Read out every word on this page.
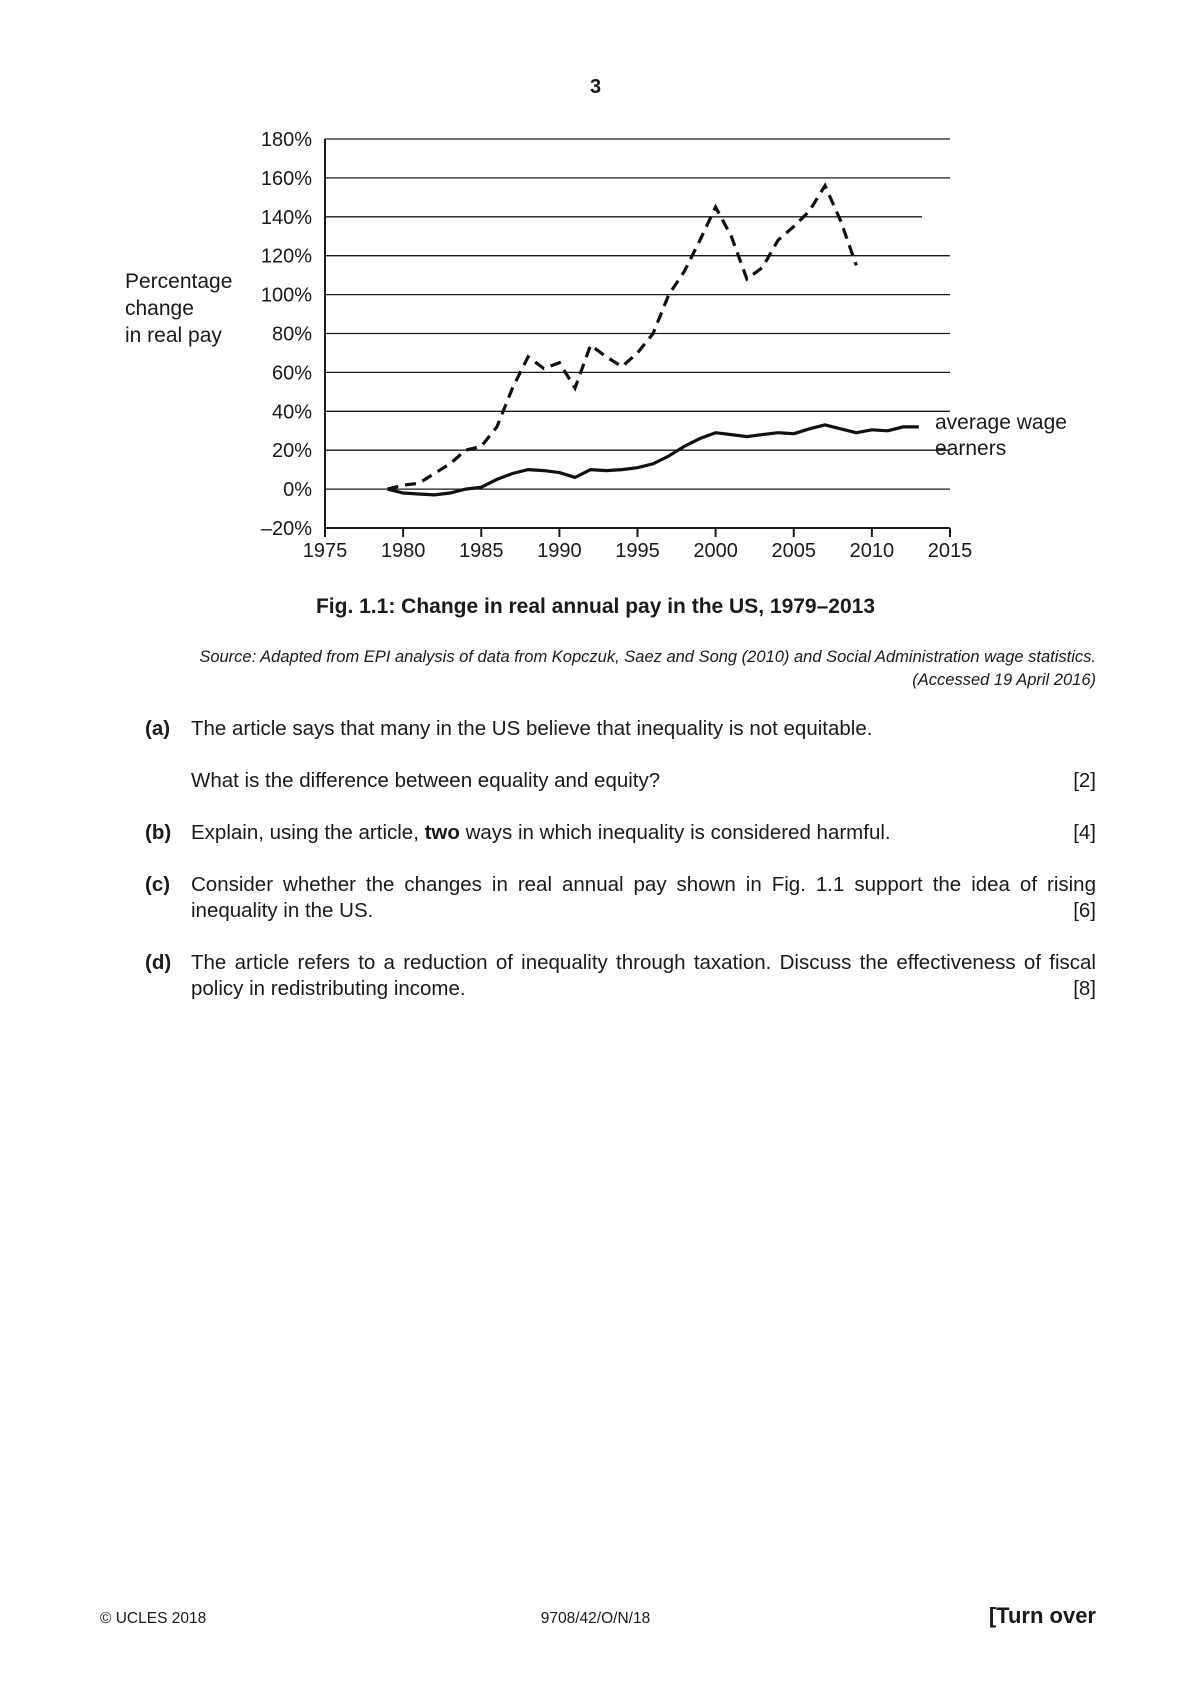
3
180%
160%
140%
120%
100%
80%
60%
40%
20%
0%
–20%
1975 1980 1985 1990 1995 2000 2005 2010 2015
Percentage
change
in real pay
average wage
earners
Fig. 1.1: Change in real annual pay in the US, 1979–2013
Source: Adapted from EPI analysis of data from Kopczuk, Saez and Song (2010) and Social Administration wage statistics.
(Accessed 19 April 2016)
(a) The article says that many in the US believe that inequality is not equitable.
What is the difference between equality and equity?	[2]
(b) Explain, using the article, two ways in which inequality is considered harmful.	[4]
(c) Consider whether the changes in real annual pay shown in Fig. 1.1 support the idea of rising inequality in the US.	[6]
(d) The article refers to a reduction of inequality through taxation. Discuss the effectiveness of fiscal policy in redistributing income.	[8]
© UCLES 2018	9708/42/O/N/18	[Turn over
